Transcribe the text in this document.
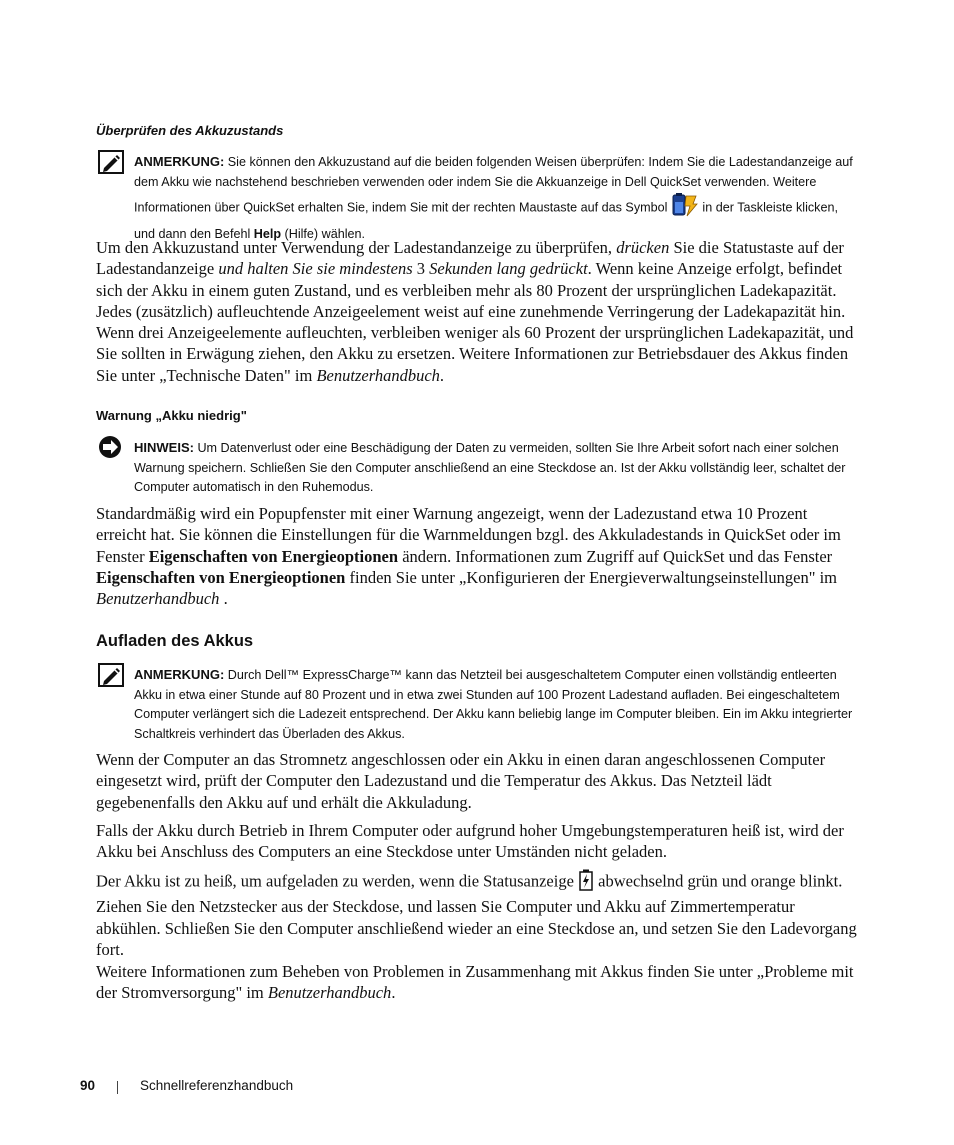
Überprüfen des Akkuzustands
ANMERKUNG: Sie können den Akkuzustand auf die beiden folgenden Weisen überprüfen: Indem Sie die Ladestandanzeige auf dem Akku wie nachstehend beschrieben verwenden oder indem Sie die Akkuanzeige in Dell QuickSet verwenden. Weitere Informationen über QuickSet erhalten Sie, indem Sie mit der rechten Maustaste auf das Symbol  in der Taskleiste klicken, und dann den Befehl Help (Hilfe) wählen.
Um den Akkuzustand unter Verwendung der Ladestandanzeige zu überprüfen, drücken Sie die Statustaste auf der Ladestandanzeige und halten Sie sie mindestens 3 Sekunden lang gedrückt. Wenn keine Anzeige erfolgt, befindet sich der Akku in einem guten Zustand, und es verbleiben mehr als 80 Prozent der ursprünglichen Ladekapazität. Jedes (zusätzlich) aufleuchtende Anzeigeelement weist auf eine zunehmende Verringerung der Ladekapazität hin. Wenn drei Anzeigeelemente aufleuchten, verbleiben weniger als 60 Prozent der ursprünglichen Ladekapazität, und Sie sollten in Erwägung ziehen, den Akku zu ersetzen. Weitere Informationen zur Betriebsdauer des Akkus finden Sie unter „Technische Daten" im Benutzerhandbuch.
Warnung „Akku niedrig"
HINWEIS: Um Datenverlust oder eine Beschädigung der Daten zu vermeiden, sollten Sie Ihre Arbeit sofort nach einer solchen Warnung speichern. Schließen Sie den Computer anschließend an eine Steckdose an. Ist der Akku vollständig leer, schaltet der Computer automatisch in den Ruhemodus.
Standardmäßig wird ein Popupfenster mit einer Warnung angezeigt, wenn der Ladezustand etwa 10 Prozent erreicht hat. Sie können die Einstellungen für die Warnmeldungen bzgl. des Akkuladestands in QuickSet oder im Fenster Eigenschaften von Energieoptionen ändern. Informationen zum Zugriff auf QuickSet und das Fenster Eigenschaften von Energieoptionen finden Sie unter „Konfigurieren der Energieverwaltungseinstellungen" im Benutzerhandbuch .
Aufladen des Akkus
ANMERKUNG: Durch Dell™ ExpressCharge™ kann das Netzteil bei ausgeschaltetem Computer einen vollständig entleerten Akku in etwa einer Stunde auf 80 Prozent und in etwa zwei Stunden auf 100 Prozent Ladestand aufladen. Bei eingeschaltetem Computer verlängert sich die Ladezeit entsprechend. Der Akku kann beliebig lange im Computer bleiben. Ein im Akku integrierter Schaltkreis verhindert das Überladen des Akkus.
Wenn der Computer an das Stromnetz angeschlossen oder ein Akku in einen daran angeschlossenen Computer eingesetzt wird, prüft der Computer den Ladezustand und die Temperatur des Akkus. Das Netzteil lädt gegebenenfalls den Akku auf und erhält die Akkuladung.
Falls der Akku durch Betrieb in Ihrem Computer oder aufgrund hoher Umgebungstemperaturen heiß ist, wird der Akku bei Anschluss des Computers an eine Steckdose unter Umständen nicht geladen.
Der Akku ist zu heiß, um aufgeladen zu werden, wenn die Statusanzeige  abwechselnd grün und orange blinkt. Ziehen Sie den Netzstecker aus der Steckdose, und lassen Sie Computer und Akku auf Zimmertemperatur abkühlen. Schließen Sie den Computer anschließend wieder an eine Steckdose an, und setzen Sie den Ladevorgang fort.
Weitere Informationen zum Beheben von Problemen in Zusammenhang mit Akkus finden Sie unter „Probleme mit der Stromversorgung" im Benutzerhandbuch.
90	Schnellreferenzhandbuch
